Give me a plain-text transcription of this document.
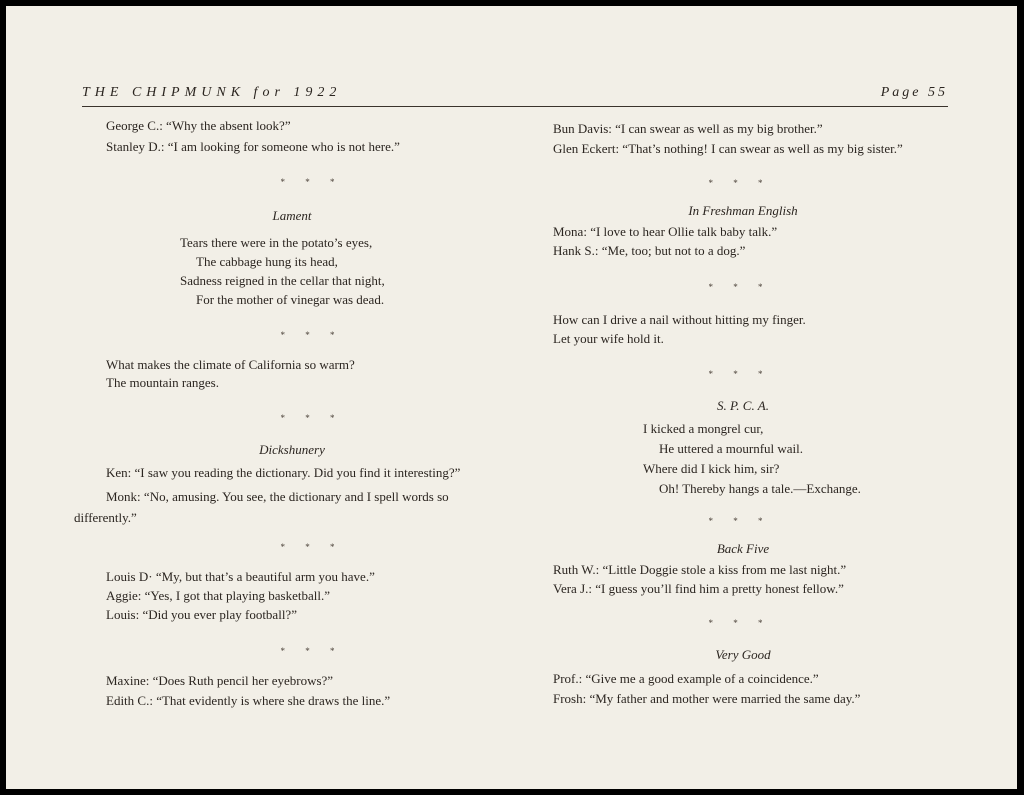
THE CHIPMUNK for 1922	Page 55
George C.: “Why the absent look?”
Stanley D.: “I am looking for someone who is not here.”
* * *
Lament
Tears there were in the potato’s eyes,
The cabbage hung its head,
Sadness reigned in the cellar that night,
For the mother of vinegar was dead.
* * *
What makes the climate of California so warm?
The mountain ranges.
* * *
Dickshunery
Ken: “I saw you reading the dictionary. Did you find it interesting?”
Monk: “No, amusing. You see, the dictionary and I spell words so differently.”
* * *
Louis D· “My, but that’s a beautiful arm you have.”
Aggie: “Yes, I got that playing basketball.”
Louis: “Did you ever play football?”
* * *
Maxine: “Does Ruth pencil her eyebrows?”
Edith C.: “That evidently is where she draws the line.”
Bun Davis: “I can swear as well as my big brother.”
Glen Eckert: “That’s nothing! I can swear as well as my big sister.”
* * *
In Freshman English
Mona: “I love to hear Ollie talk baby talk.”
Hank S.: “Me, too; but not to a dog.”
* * *
How can I drive a nail without hitting my finger.
Let your wife hold it.
* * *
S. P. C. A.
I kicked a mongrel cur,
He uttered a mournful wail.
Where did I kick him, sir?
Oh! Thereby hangs a tale.—Exchange.
* * *
Back Five
Ruth W.: “Little Doggie stole a kiss from me last night.”
Vera J.: “I guess you’ll find him a pretty honest fellow.”
* * *
Very Good
Prof.: “Give me a good example of a coincidence.”
Frosh: “My father and mother were married the same day.”
